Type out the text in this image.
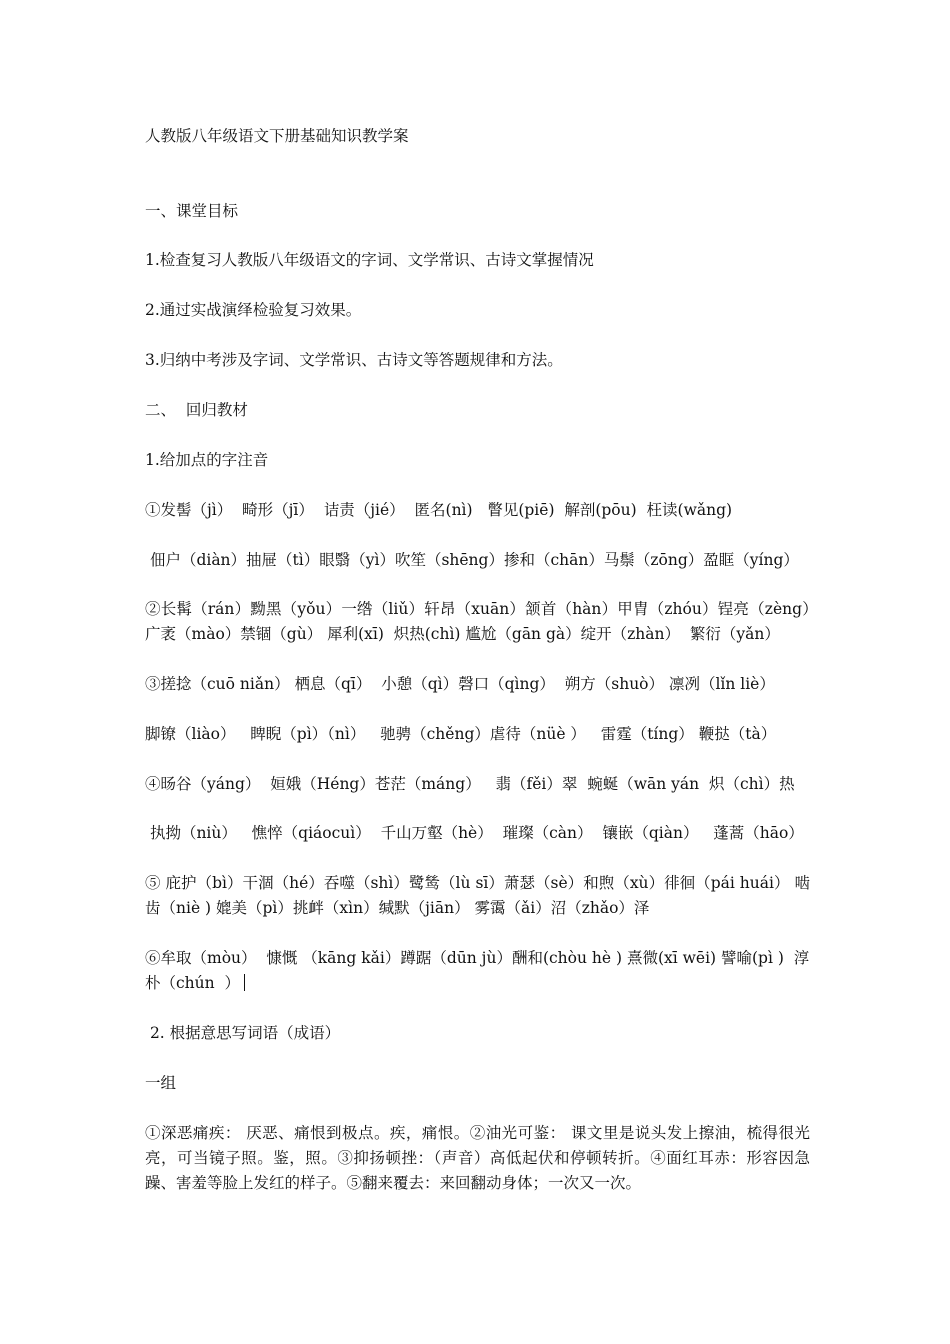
人教版八年级语文下册基础知识教学案
一、课堂目标
1.检查复习人教版八年级语文的字词、文学常识、古诗文掌握情况
2.通过实战演绎检验复习效果。
3.归纳中考涉及字词、文学常识、古诗文等答题规律和方法。
二、  回归教材
1.给加点的字注音
①发髻（jì）  畸形（jī）  诘责（jié）  匿名(nì)   瞥见(piē)  解剖(pōu)  枉读(wǎng)
佃户（diàn）抽屉（tì）眼翳（yì）吹笙（shēng）掺和（chān）马鬃（zōng）盈眶（yíng）
②长髯（rán）黝黑（yǒu）一绺（liǔ）轩昂（xuān）颔首（hàn）甲胄（zhóu）锃亮（zèng）广袤（mào）禁锢（gù） 犀利(xī)  炽热(chì) 尴尬（gān gà）绽开（zhàn）  繁衍（yǎn）
③搓捻（cuō niǎn） 栖息（qī）  小憩（qì）磬口（qìng）  朔方（shuò） 凛冽（lǐn liè）
脚镣（liào）   睥睨（pì）（nì）   驰骋（chěng）虐待（nüè ）   雷霆（tíng） 鞭挞（tà）
④旸谷（yáng）  姮娥（Héng）苍茫（máng）   翡（fěi）翠  蜿蜒（wān yán  炽（chì）热
执拗（niù）   憔悴（qiáocuì）  千山万壑（hè）  璀璨（càn）  镶嵌（qiàn）   蓬蒿（hāo）
⑤ 庇护（bì）干涸（hé）吞噬（shì）鹭鸶（lù sī）萧瑟（sè）和煦（xù）徘徊（pái huái） 啮齿（niè ) 媲美（pì）挑衅（xìn）缄默（jiān） 雾霭（ǎi）沼（zhǎo）泽
⑥牟取（mòu）  慷慨 （kāng kǎi）蹲踞（dūn jù）酬和(chòu hè ) 熹微(xī wēi) 譬喻(pì )  淳朴（chún  ）
2. 根据意思写词语（成语）
一组
①深恶痛疾： 厌恶、痛恨到极点。疾，痛恨。②油光可鉴： 课文里是说头发上擦油，梳得很光亮，可当镜子照。鉴，照。③抑扬顿挫：（声音）高低起伏和停顿转折。④面红耳赤：形容因急躁、害羞等脸上发红的样子。⑤翻来覆去：来回翻动身体；一次又一次。
